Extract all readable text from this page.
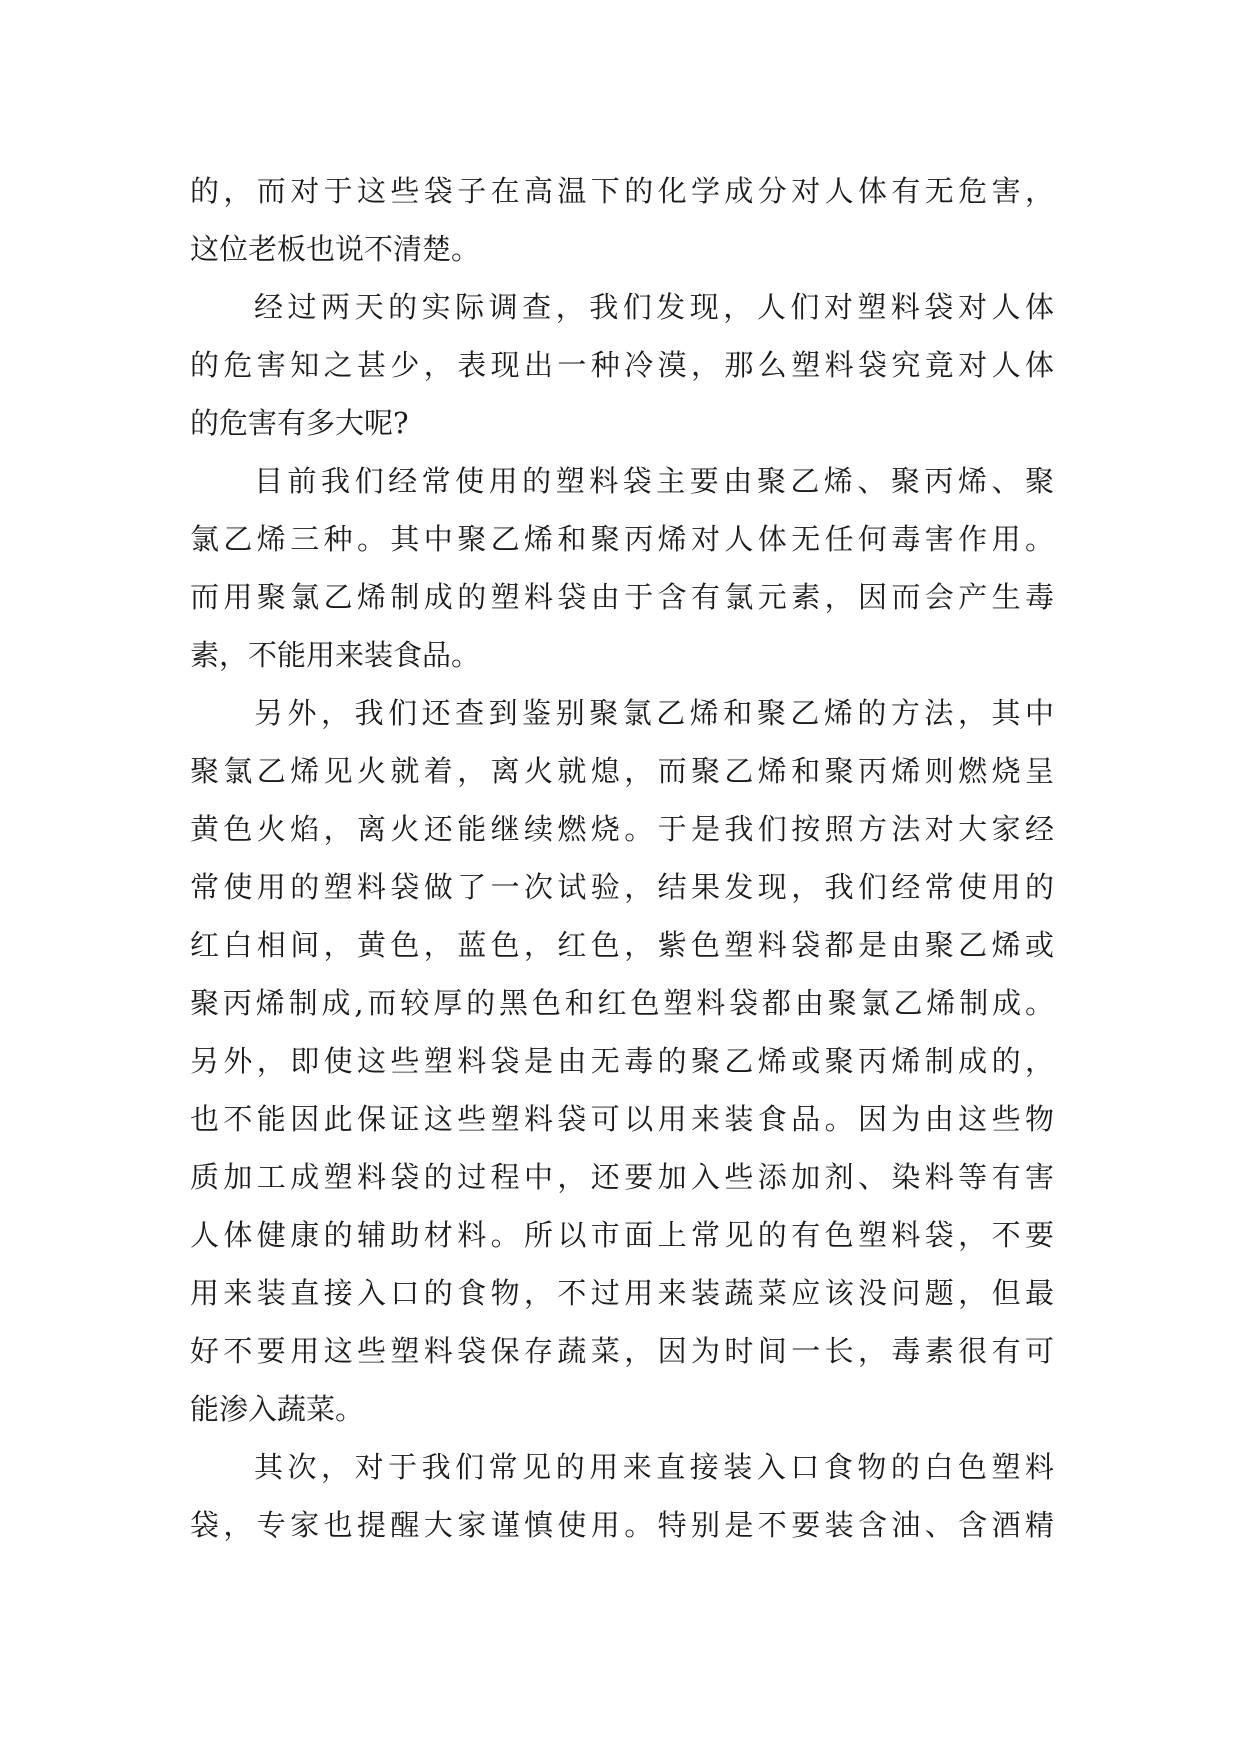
的，而对于这些袋子在高温下的化学成分对人体有无危害，
这位老板也说不清楚。
经过两天的实际调查，我们发现，人们对塑料袋对人体
的危害知之甚少，表现出一种冷漠，那么塑料袋究竟对人体
的危害有多大呢?
目前我们经常使用的塑料袋主要由聚乙烯、聚丙烯、聚
氯乙烯三种。其中聚乙烯和聚丙烯对人体无任何毒害作用。
而用聚氯乙烯制成的塑料袋由于含有氯元素，因而会产生毒
素，不能用来装食品。
另外，我们还查到鉴别聚氯乙烯和聚乙烯的方法，其中
聚氯乙烯见火就着，离火就熄，而聚乙烯和聚丙烯则燃烧呈
黄色火焰，离火还能继续燃烧。于是我们按照方法对大家经
常使用的塑料袋做了一次试验，结果发现，我们经常使用的
红白相间，黄色，蓝色，红色，紫色塑料袋都是由聚乙烯或
聚丙烯制成,而较厚的黑色和红色塑料袋都由聚氯乙烯制成。
另外，即使这些塑料袋是由无毒的聚乙烯或聚丙烯制成的，
也不能因此保证这些塑料袋可以用来装食品。因为由这些物
质加工成塑料袋的过程中，还要加入些添加剂、染料等有害
人体健康的辅助材料。所以市面上常见的有色塑料袋，不要
用来装直接入口的食物，不过用来装蔬菜应该没问题，但最
好不要用这些塑料袋保存蔬菜，因为时间一长，毒素很有可
能渗入蔬菜。
其次，对于我们常见的用来直接装入口食物的白色塑料
袋，专家也提醒大家谨慎使用。特别是不要装含油、含酒精
